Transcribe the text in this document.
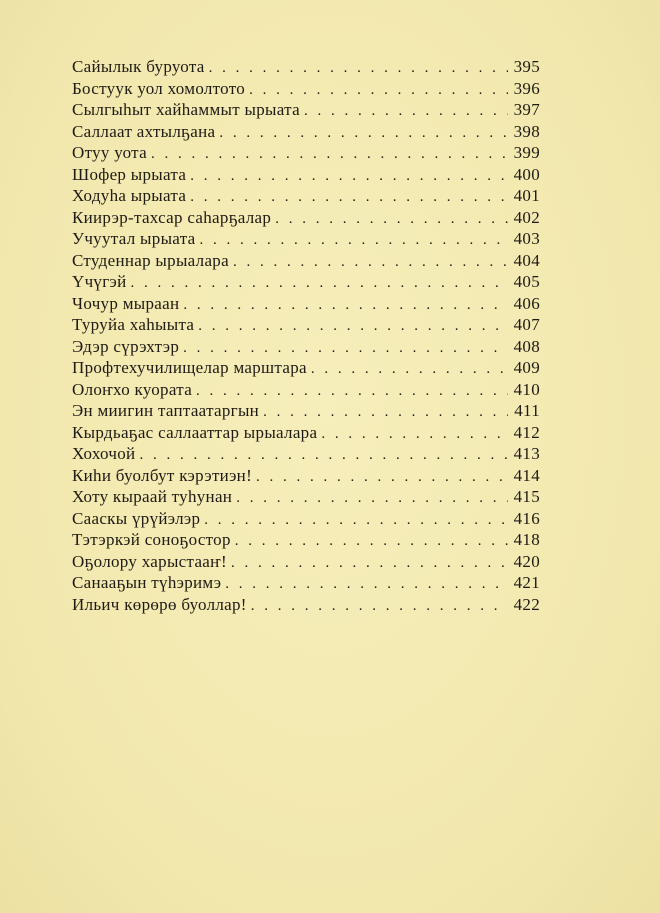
Сайылык буруота . . .	395
Бостуук уол хомолтото . . .	396
Сылгыһыт хайһаммыт ырыата . . .	397
Саллаат ахтылҕана . . .	398
Отуу уота . . .	399
Шофер ырыата . . .	400
Ходуһа ырыата . . .	401
Киирэр-тахсар саһарҕалар . . .	402
Учуутал ырыата . . .	403
Студеннар ырыалара . . .	404
Үчүгэй . . .	405
Чочур мыраан . . .	406
Туруйа хаһыыта . . .	407
Эдэр сүрэхтэр . . .	408
Профтехучилищелар марштара . . .	409
Олоҥхо куората . . .	410
Эн миигин таптаатаргын . . .	411
Кырдьаҕас саллааттар ырыалара . . .	412
Хохочой . . .	413
Киһи буолбут кэрэтиэн! . . .	414
Хоту кыраай туһунан . . .	415
Сааскы үрүйэлэр . . .	416
Тэтэркэй соноҕостор . . .	418
Оҕолору харыстааҥ! . . .	420
Санааҕын түһэримэ . . .	421
Ильич көрөрө буоллар! . . .	422
